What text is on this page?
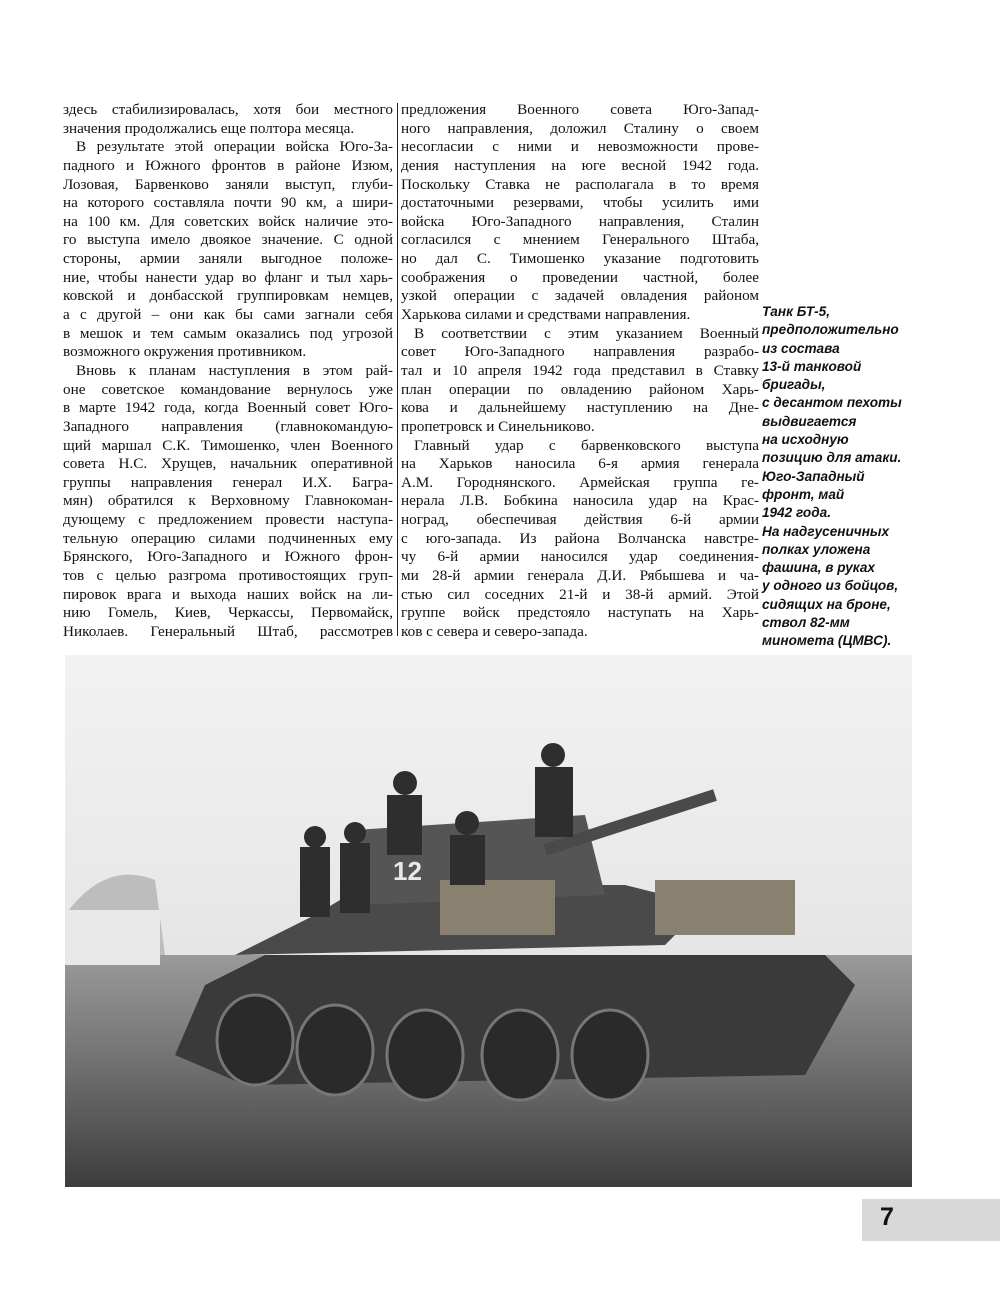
здесь стабилизировалась, хотя бои местного
значения продолжались еще полтора месяца.
В результате этой операции войска Юго-За-
падного и Южного фронтов в районе Изюм,
Лозовая, Барвенково заняли выступ, глуби-
на которого составляла почти 90 км, а шири-
на 100 км. Для советских войск наличие это-
го выступа имело двоякое значение. С одной
стороны, армии заняли выгодное положе-
ние, чтобы нанести удар во фланг и тыл харь-
ковской и донбасской группировкам немцев,
а с другой – они как бы сами загнали себя
в мешок и тем самым оказались под угрозой
возможного окружения противником.
Вновь к планам наступления в этом рай-
оне советское командование вернулось уже
в марте 1942 года, когда Военный совет Юго-
Западного направления (главнокомандую-
щий маршал С.К. Тимошенко, член Военного
совета Н.С. Хрущев, начальник оперативной
группы направления генерал И.Х. Багра-
мян) обратился к Верховному Главнокоман-
дующему с предложением провести наступа-
тельную операцию силами подчиненных ему
Брянского, Юго-Западного и Южного фрон-
тов с целью разгрома противостоящих груп-
пировок врага и выхода наших войск на ли-
нию Гомель, Киев, Черкассы, Первомайск,
Николаев. Генеральный Штаб, рассмотрев
предложения Военного совета Юго-Запад-
ного направления, доложил Сталину о своем
несогласии с ними и невозможности прове-
дения наступления на юге весной 1942 года.
Поскольку Ставка не располагала в то время
достаточными резервами, чтобы усилить ими
войска Юго-Западного направления, Сталин
согласился с мнением Генерального Штаба,
но дал С. Тимошенко указание подготовить
соображения о проведении частной, более
узкой операции с задачей овладения районом
Харькова силами и средствами направления.
В соответствии с этим указанием Военный
совет Юго-Западного направления разрабо-
тал и 10 апреля 1942 года представил в Ставку
план операции по овладению районом Харь-
кова и дальнейшему наступлению на Дне-
пропетровск и Синельниково.
Главный удар с барвенковского выступа
на Харьков наносила 6-я армия генерала
А.М. Городнянского. Армейская группа ге-
нерала Л.В. Бобкина наносила удар на Крас-
ноград, обеспечивая действия 6-й армии
с юго-запада. Из района Волчанска навстре-
чу 6-й армии наносился удар соединения-
ми 28-й армии генерала Д.И. Рябышева и ча-
стью сил соседних 21-й и 38-й армий. Этой
группе войск предстояло наступать на Харь-
ков с севера и северо-запада.
Танк БТ-5,
предположительно
из состава
13-й танковой
бригады,
с десантом пехоты
выдвигается
на исходную
позицию для атаки.
Юго-Западный
фронт, май
1942 года.
На надгусеничных
полках уложена
фашина, в руках
у одного из бойцов,
сидящих на броне,
ствол 82-мм
миномета (ЦМВС).
12
7
